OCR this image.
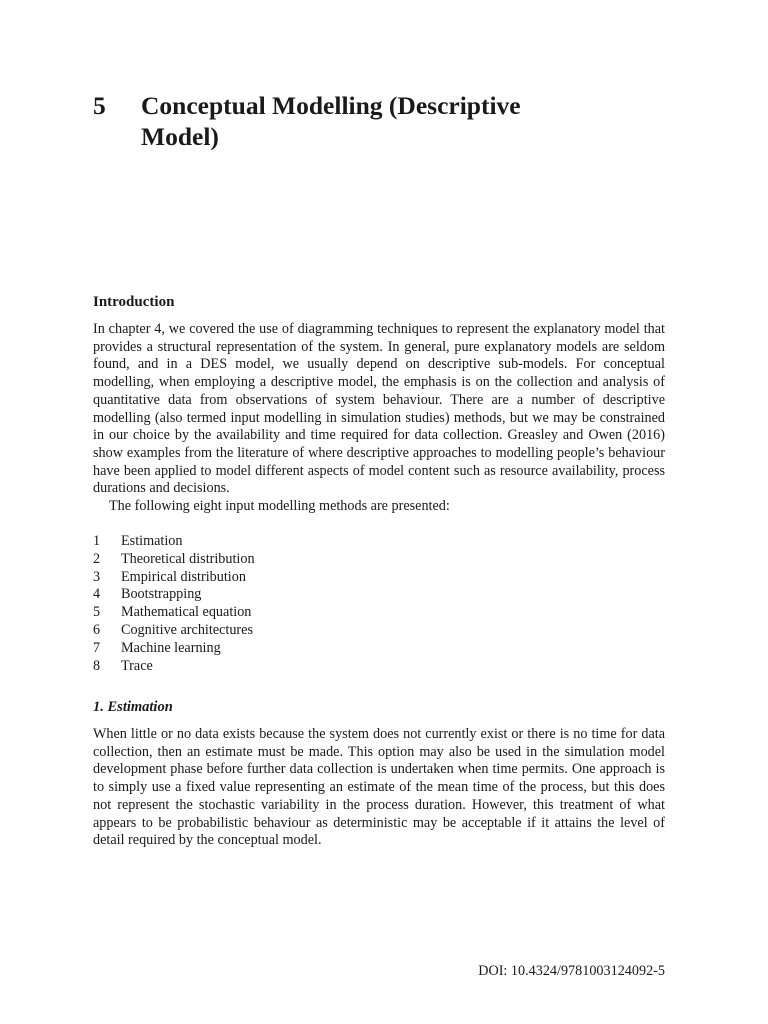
5	Conceptual Modelling (Descriptive
Model)
Introduction

In chapter 4, we covered the use of diagramming techniques to represent the explanatory model that provides a structural representation of the system. In general, pure explanatory models are seldom found, and in a DES model, we usually depend on descriptive sub-models. For conceptual modelling, when employing a descriptive model, the emphasis is on the collection and analysis of quantitative data from observations of system behaviour. There are a number of descriptive modelling (also termed input modelling in simulation studies) methods, but we may be constrained in our choice by the availability and time required for data collection. Greasley and Owen (2016) show examples from the literature of where descriptive approaches to modelling people’s behaviour have been applied to model different aspects of model content such as resource availability, process durations and decisions.

The following eight input modelling methods are presented:

1	Estimation
2	Theoretical distribution
3	Empirical distribution
4	Bootstrapping
5	Mathematical equation
6	Cognitive architectures
7	Machine learning
8	Trace
1. Estimation

When little or no data exists because the system does not currently exist or there is no time for data collection, then an estimate must be made. This option may also be used in the simulation model development phase before further data collection is undertaken when time permits. One approach is to simply use a fixed value representing an estimate of the mean time of the process, but this does not represent the stochastic variability in the process duration. However, this treatment of what appears to be probabilistic behaviour as deterministic may be acceptable if it attains the level of detail required by the conceptual model.

DOI: 10.4324/9781003124092-5
